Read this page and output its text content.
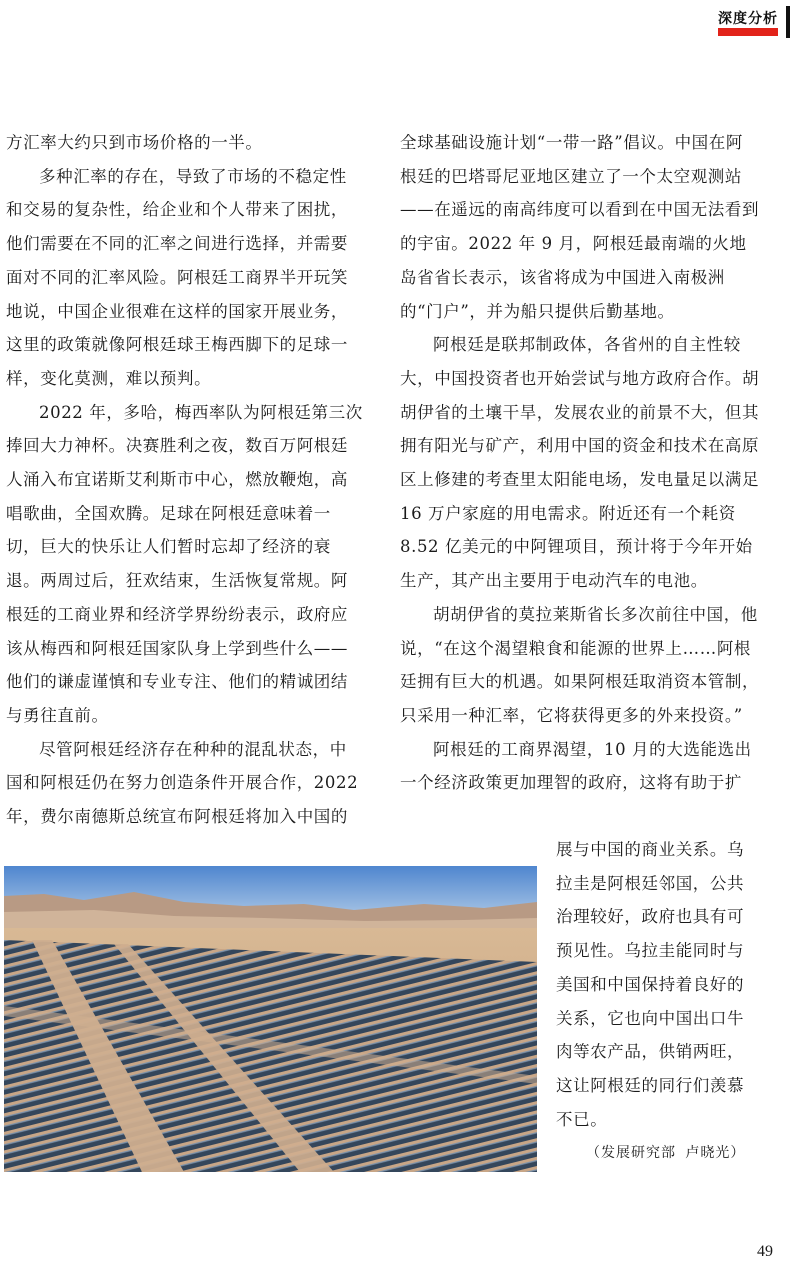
深度分析

方汇率大约只到市场价格的一半。

多种汇率的存在，导致了市场的不稳定性和交易的复杂性，给企业和个人带来了困扰，他们需要在不同的汇率之间进行选择，并需要面对不同的汇率风险。阿根廷工商界半开玩笑地说，中国企业很难在这样的国家开展业务，这里的政策就像阿根廷球王梅西脚下的足球一样，变化莫测，难以预判。

2022 年，多哈，梅西率队为阿根廷第三次捧回大力神杯。决赛胜利之夜，数百万阿根廷人涌入布宜诺斯艾利斯市中心，燃放鞭炮，高唱歌曲，全国欢腾。足球在阿根廷意味着一切，巨大的快乐让人们暂时忘却了经济的衰退。两周过后，狂欢结束，生活恢复常规。阿根廷的工商业界和经济学界纷纷表示，政府应该从梅西和阿根廷国家队身上学到些什么——他们的谦虚谨慎和专业专注、他们的精诚团结与勇往直前。

尽管阿根廷经济存在种种的混乱状态，中国和阿根廷仍在努力创造条件开展合作，2022 年，费尔南德斯总统宣布阿根廷将加入中国的

全球基础设施计划“一带一路”倡议。中国在阿根廷的巴塔哥尼亚地区建立了一个太空观测站——在遥远的南高纬度可以看到在中国无法看到的宇宙。2022 年 9 月，阿根廷最南端的火地岛省省长表示，该省将成为中国进入南极洲的“门户”，并为船只提供后勤基地。

阿根廷是联邦制政体，各省州的自主性较大，中国投资者也开始尝试与地方政府合作。胡胡伊省的土壤干旱，发展农业的前景不大，但其拥有阳光与矿产，利用中国的资金和技术在高原区上修建的考查里太阳能电场，发电量足以满足 16 万户家庭的用电需求。附近还有一个耗资 8.52 亿美元的中阿锂项目，预计将于今年开始生产，其产出主要用于电动汽车的电池。

胡胡伊省的莫拉莱斯省长多次前往中国，他说，“在这个渴望粮食和能源的世界上……阿根廷拥有巨大的机遇。如果阿根廷取消资本管制，只采用一种汇率，它将获得更多的外来投资。”

阿根廷的工商界渴望，10 月的大选能选出一个经济政策更加理智的政府，这将有助于扩

展与中国的商业关系。乌拉圭是阿根廷邻国，公共治理较好，政府也具有可预见性。乌拉圭能同时与美国和中国保持着良好的关系，它也向中国出口牛肉等农产品，供销两旺，这让阿根廷的同行们羡慕不已。

（发展研究部 卢晓光）
49
